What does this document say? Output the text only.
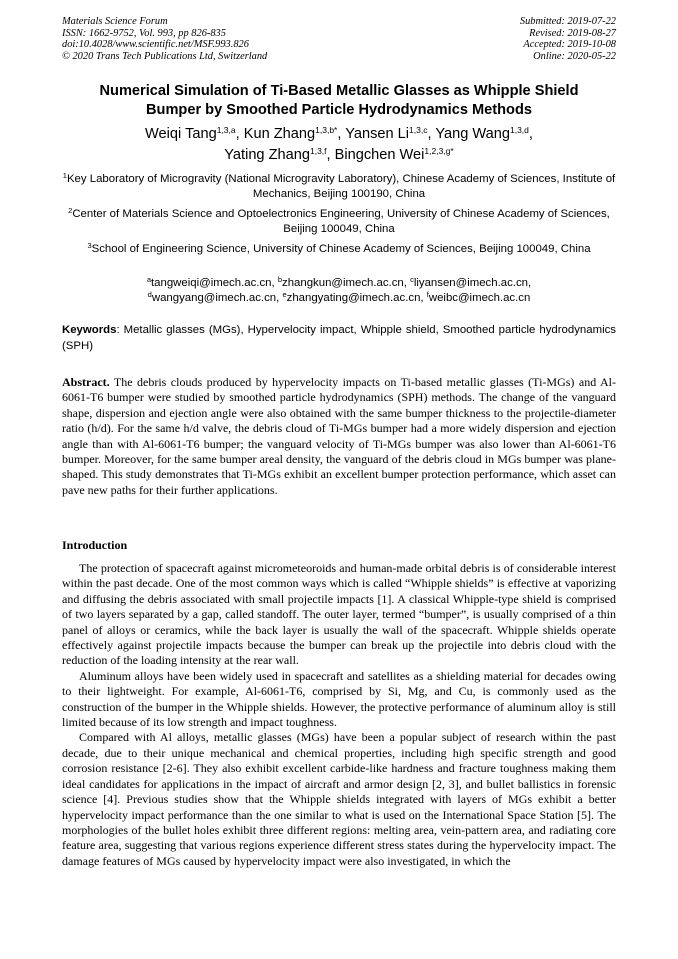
Materials Science Forum
ISSN: 1662-9752, Vol. 993, pp 826-835
doi:10.4028/www.scientific.net/MSF.993.826
© 2020 Trans Tech Publications Ltd, Switzerland
Submitted: 2019-07-22
Revised: 2019-08-27
Accepted: 2019-10-08
Online: 2020-05-22
Numerical Simulation of Ti-Based Metallic Glasses as Whipple Shield
Bumper by Smoothed Particle Hydrodynamics Methods
Weiqi Tang$^{1,3,a}$, Kun Zhang$^{1,3,b*}$, Yansen Li$^{1,3,c}$, Yang Wang$^{1,3,d}$,
Yating Zhang$^{1,3,f}$, Bingchen Wei$^{1,2,3,g*}$
$^1$Key Laboratory of Microgravity (National Microgravity Laboratory), Chinese Academy of Sciences, Institute of Mechanics, Beijing 100190, China
$^2$Center of Materials Science and Optoelectronics Engineering, University of Chinese Academy of Sciences, Beijing 100049, China
$^3$School of Engineering Science, University of Chinese Academy of Sciences, Beijing 100049, China
$^a$tangweiqi@imech.ac.cn, $^b$zhangkun@imech.ac.cn, $^c$liyansen@imech.ac.cn,
$^d$wangyang@imech.ac.cn, $^e$zhangyating@imech.ac.cn, $^f$weibc@imech.ac.cn
Keywords: Metallic glasses (MGs), Hypervelocity impact, Whipple shield, Smoothed particle hydrodynamics (SPH)
Abstract. The debris clouds produced by hypervelocity impacts on Ti-based metallic glasses (Ti-MGs) and Al-6061-T6 bumper were studied by smoothed particle hydrodynamics (SPH) methods. The change of the vanguard shape, dispersion and ejection angle were also obtained with the same bumper thickness to the projectile-diameter ratio (h/d). For the same h/d valve, the debris cloud of Ti-MGs bumper had a more widely dispersion and ejection angle than with Al-6061-T6 bumper; the vanguard velocity of Ti-MGs bumper was also lower than Al-6061-T6 bumper. Moreover, for the same bumper areal density, the vanguard of the debris cloud in MGs bumper was plane-shaped. This study demonstrates that Ti-MGs exhibit an excellent bumper protection performance, which asset can pave new paths for their further applications.
Introduction

The protection of spacecraft against micrometeoroids and human-made orbital debris is of considerable interest within the past decade. One of the most common ways which is called “Whipple shields” is effective at vaporizing and diffusing the debris associated with small projectile impacts [1]. A classical Whipple-type shield is comprised of two layers separated by a gap, called standoff. The outer layer, termed “bumper”, is usually comprised of a thin panel of alloys or ceramics, while the back layer is usually the wall of the spacecraft. Whipple shields operate effectively against projectile impacts because the bumper can break up the projectile into debris cloud with the reduction of the loading intensity at the rear wall.

Aluminum alloys have been widely used in spacecraft and satellites as a shielding material for decades owing to their lightweight. For example, Al-6061-T6, comprised by Si, Mg, and Cu, is commonly used as the construction of the bumper in the Whipple shields. However, the protective performance of aluminum alloy is still limited because of its low strength and impact toughness.

Compared with Al alloys, metallic glasses (MGs) have been a popular subject of research within the past decade, due to their unique mechanical and chemical properties, including high specific strength and good corrosion resistance [2-6]. They also exhibit excellent carbide-like hardness and fracture toughness making them ideal candidates for applications in the impact of aircraft and armor design [2, 3], and bullet ballistics in forensic science [4]. Previous studies show that the Whipple shields integrated with layers of MGs exhibit a better hypervelocity impact performance than the one similar to what is used on the International Space Station [5]. The morphologies of the bullet holes exhibit three different regions: melting area, vein-pattern area, and radiating core feature area, suggesting that various regions experience different stress states during the hypervelocity impact. The damage features of MGs caused by hypervelocity impact were also investigated, in which the
